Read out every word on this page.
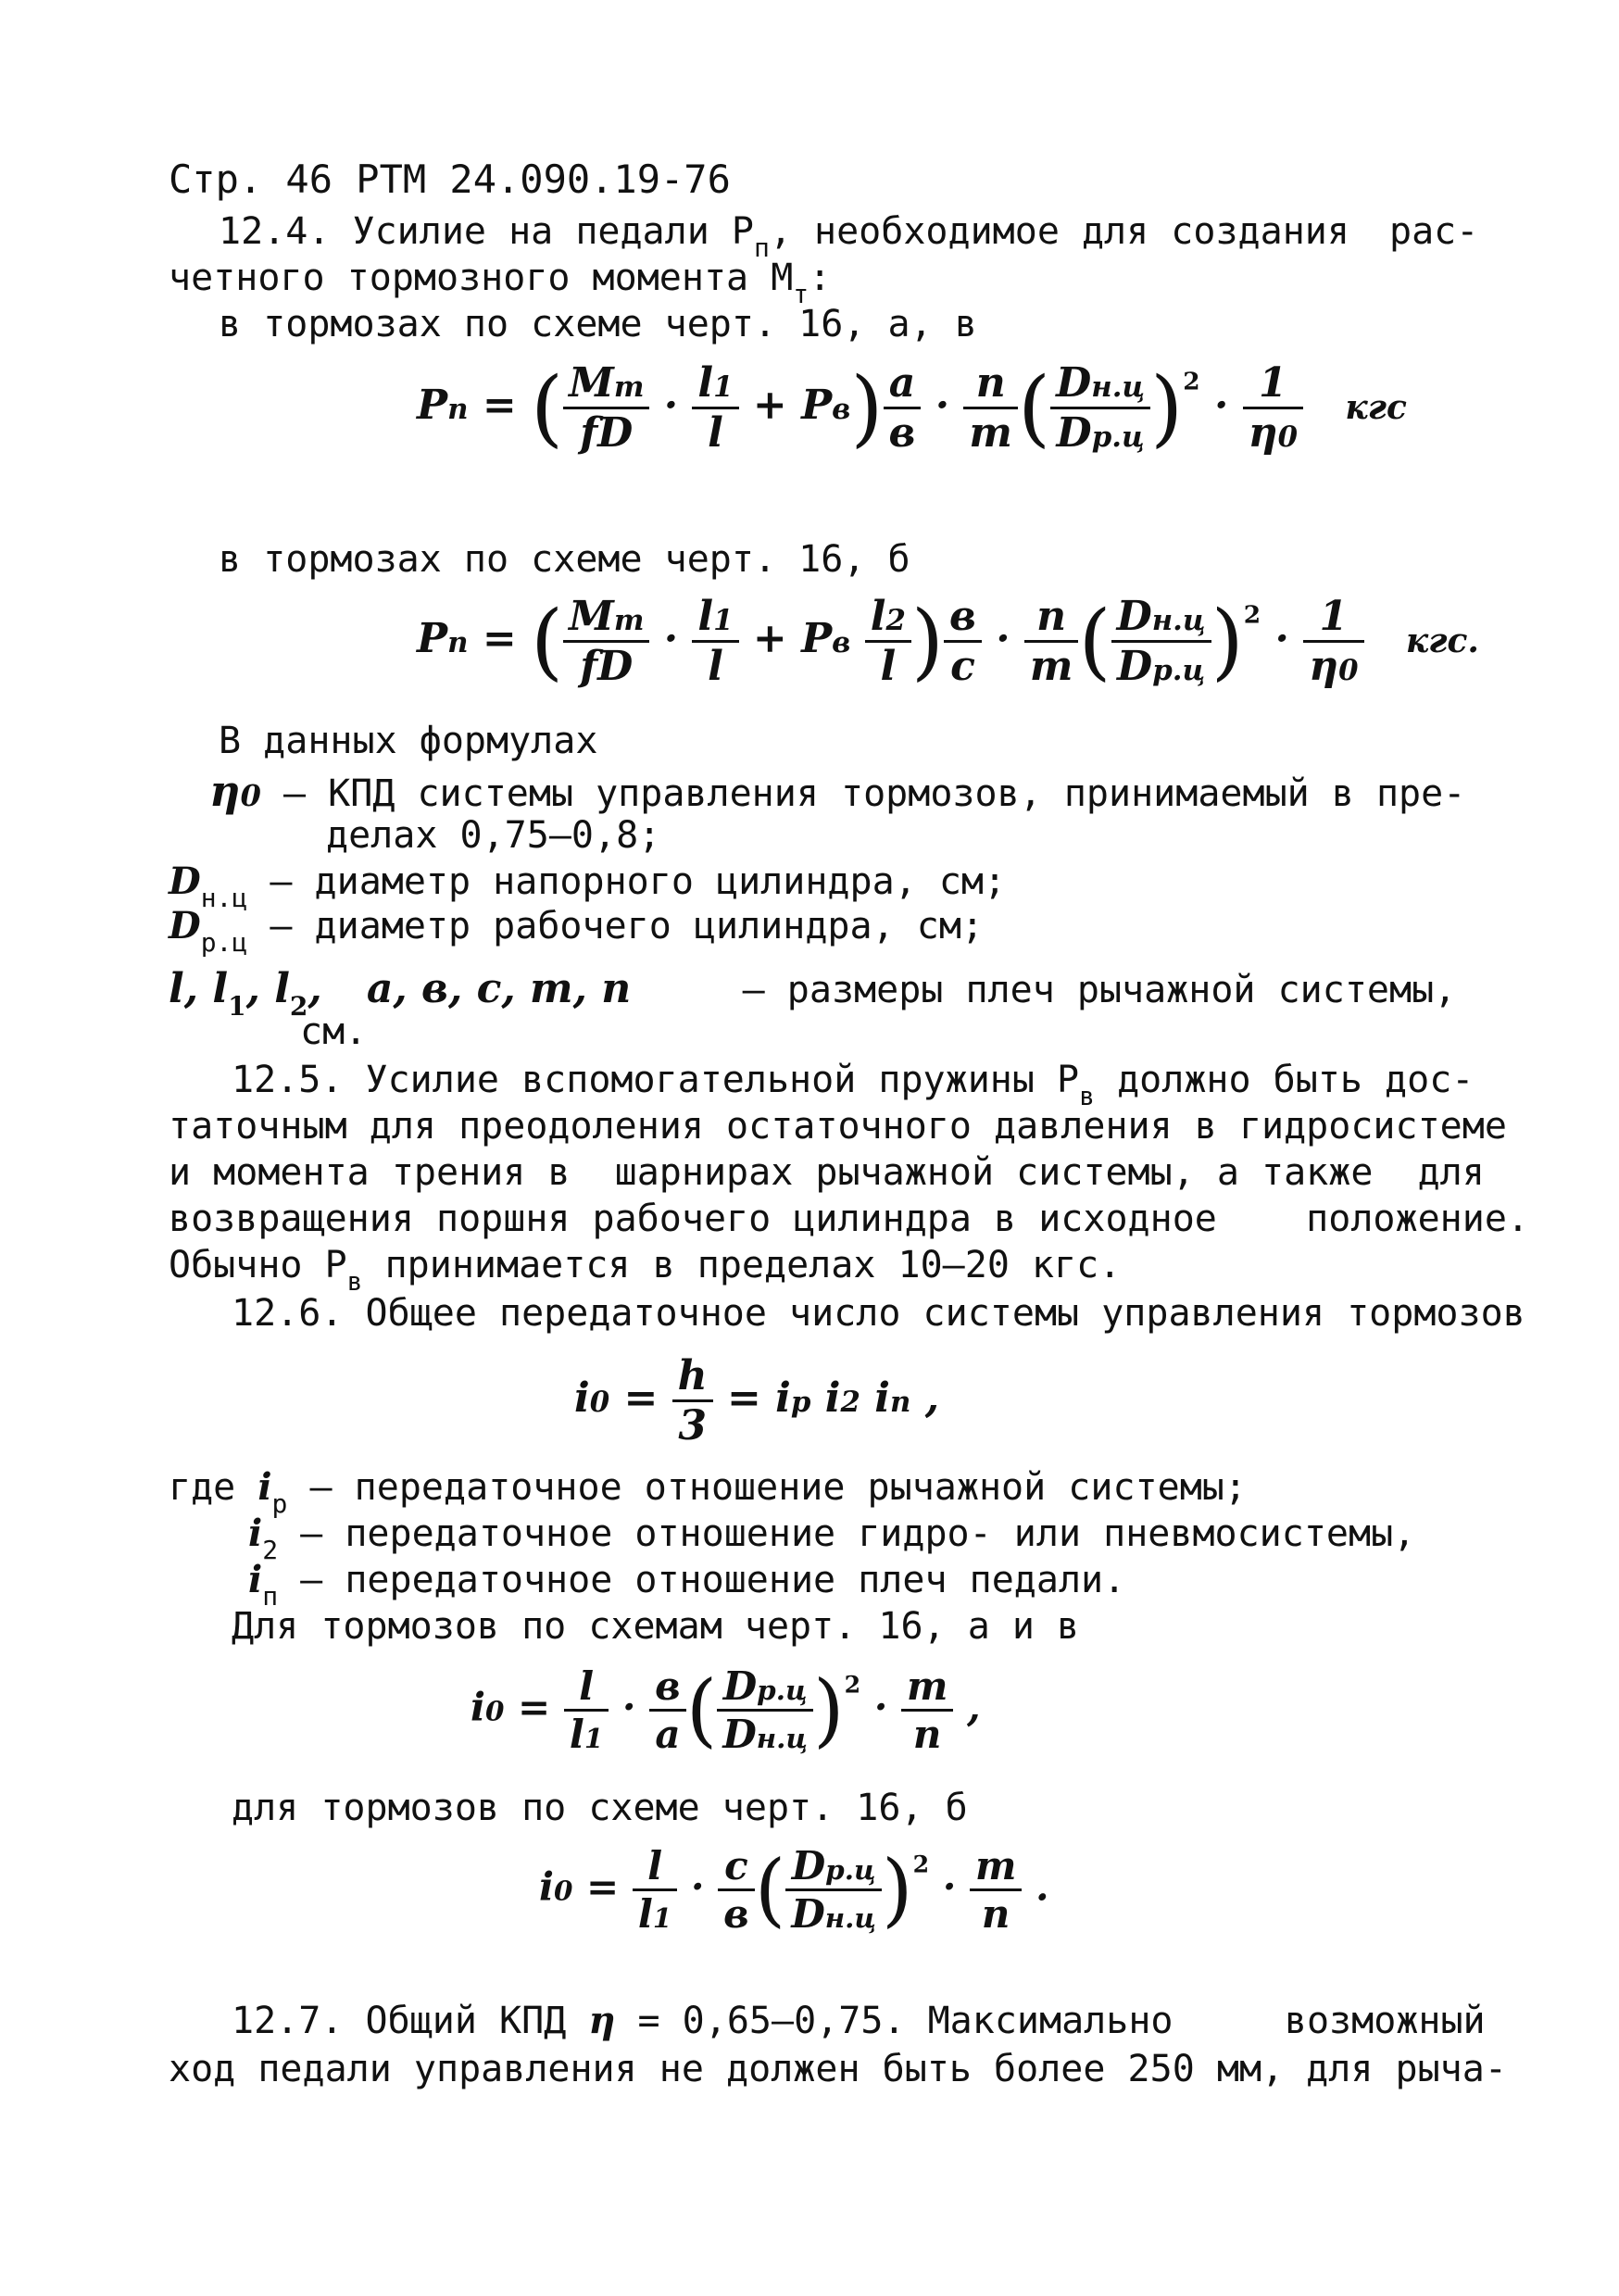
Стр. 46 РТМ 24.090.19-76
12.4. Усилие на педали $Р_п$, необходимое для создания рас-
четного тормозного момента $М_т$:
в тормозах по схеме черт. 16, а, в
Pп = ( $\frac{Mт}{fD} \cdot \frac{l1}{l} + Pв) \frac{a}{в} \cdot \frac{n}{m}$ ( $\frac{Dн.ц}{Dр.ц} )^2 \cdot \frac{1}{\eta 0}$ кгс
в тормозах по схеме черт. 16, б
Pп = ( $\frac{Mт}{fD} \cdot \frac{l1}{l}$ + Pв $\frac{l2}{l}$ ) $\frac{в}{c} \cdot \frac{n}{m}$ ( $\frac{Dн.ц}{Dр.ц} )^2 \cdot \frac{1}{\eta 0}$ кгс.
В данных формулах
η0 – КПД системы управления тормозов, принимаемый в пре-
делах 0,75–0,8;
$D_{н.ц}$ – диаметр напорного цилиндра, см;
$D_{р.ц}$ – диаметр рабочего цилиндра, см;
l, $l_1$, $l_2$, a, в, c, m, n	– размеры плеч рычажной системы,
см.
12.5. Усилие вспомогательной пружины $Р_в$ должно быть дос-
таточным для преодоления остаточного давления в гидросистеме
и момента трения в  шарнирах рычажной системы, а также  для
возвращения поршня рабочего цилиндра в исходное    положение.
Обычно $Р_в$ принимается в пределах 10–20 кгс.
12.6. Общее передаточное число системы управления тормозов
$i0 = \frac{h}{3}$ = iр i2 iп ,
где $i_р$ – передаточное отношение рычажной системы;
$i_2$ – передаточное отношение гидро- или пневмосистемы,
$i_п$ – передаточное отношение плеч педали.
Для тормозов по схемам черт. 16, а и в
$i0 = \frac{l}{l1} \cdot \frac{в}{a}$ ( $\frac{Dр.ц}{Dн.ц} )^2 \cdot \frac{m}{n}$ ,
для тормозов по схеме черт. 16, б
$i0 = \frac{l}{l1} \cdot \frac{c}{в}$ ( $\frac{Dр.ц}{Dн.ц} )^2 \cdot \frac{m}{n}$ .
12.7. Общий КПД η = 0,65–0,75. Максимально     возможный
ход педали управления не должен быть более 250 мм, для рыча-
